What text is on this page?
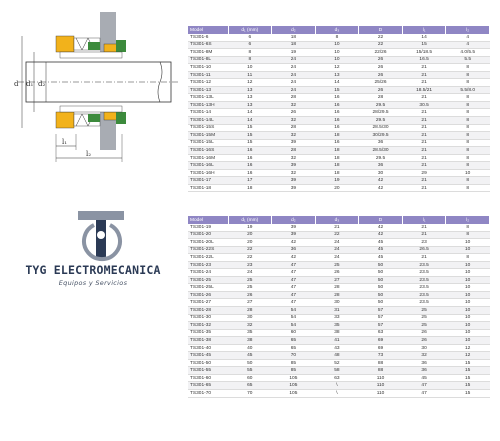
d d₁ d₂
l₁
l₂
TYG ELECTROMECANICA
Equipos y Servicios
Model	d₁ (mm)	d₂	d₃	D	l₁	l₂
TS301-6	6	18	8	22	14	4
TS301-6S	6	18	10	22	15	4
TS301-8M	8	19	10	22/26	15/18.5	4.0/5.5
TS301-8L	8	24	10	26	16.5	5.5
TS301-10	10	24	12	26	21	8
TS301-11	11	24	13	26	21	8
TS301-12	12	24	14	25/26	21	8
TS301-13	13	24	15	26	18.5/21	5.5/8.0
TS301-13L	13	28	16	28	21	8
TS301-13H	13	32	16	29.5	30.5	8
TS301-14	14	26	16	28/29.5	21	8
TS301-14L	14	32	16	29.5	21	8
TS301-15S	15	28	16	28.5/30	21	8
TS301-15M	15	32	18	30/29.5	21	8
TS301-15L	15	39	16	36	21	8
TS301-16S	16	28	18	28.5/30	21	8
TS301-16M	16	32	18	29.5	21	8
TS301-16L	16	39	18	36	21	8
TS301-16H	16	32	18	30	29	10
TS301-17	17	39	19	42	21	8
TS301-18	18	39	20	42	21	8
Model	d₁ (mm)	d₂	d₃	D	l₁	l₂
TS301-19	19	39	21	42	21	8
TS301-20	20	39	22	42	21	8
TS301-20L	20	42	24	45	23	10
TS301-22S	22	36	24	45	26.5	10
TS301-22L	22	42	24	45	21	8
TS301-23	23	47	25	50	23.5	10
TS301-24	24	47	26	50	23.5	10
TS301-25	25	47	27	50	23.5	10
TS301-25L	25	47	28	50	23.5	10
TS301-26	26	47	28	50	23.5	10
TS301-27	27	47	30	50	23.5	10
TS301-28	28	54	31	57	25	10
TS301-30	30	54	33	57	25	10
TS301-32	32	54	35	57	25	10
TS301-35	35	60	38	63	26	10
TS301-38	38	65	41	69	26	10
TS301-40	40	65	43	69	30	12
TS301-45	45	70	48	73	32	12
TS301-50	50	85	52	88	36	15
TS301-55	55	85	58	88	36	15
TS301-60	60	105	63	110	45	15
TS301-65	65	105	\	110	47	15
TS301-70	70	105	\	110	47	15
